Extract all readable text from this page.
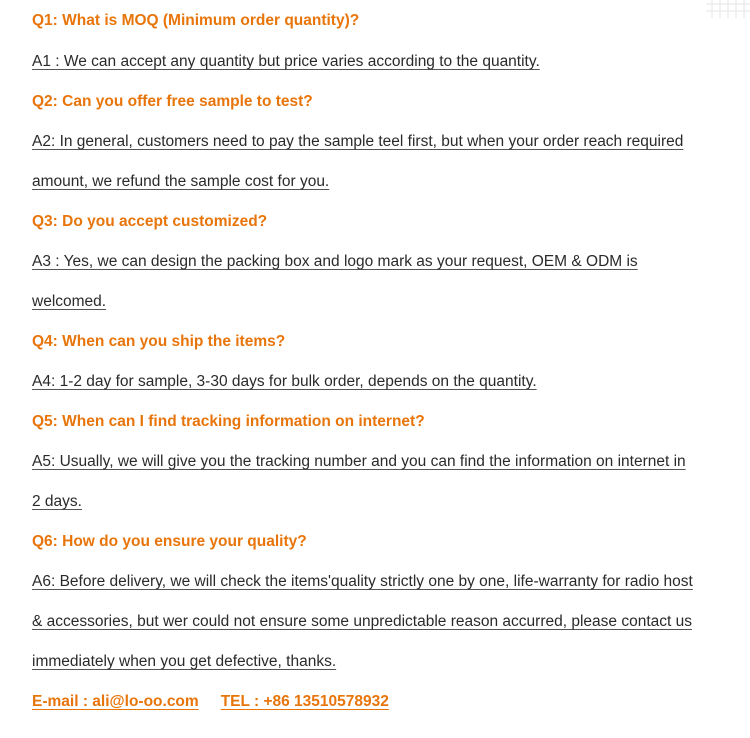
Q1: What is MOQ (Minimum order quantity)?
A1 : We can accept any quantity but price varies according to the quantity.
Q2: Can you offer free sample to test?
A2: In general, customers need to pay the sample teel first, but when your order reach required
amount, we refund the sample cost for you.
Q3: Do you accept customized?
A3 : Yes, we can design the packing box and logo mark as your request, OEM & ODM is
welcomed.
Q4: When can you ship the items?
A4: 1-2 day for sample, 3-30 days for bulk order, depends on the quantity.
Q5: When can I find tracking information on internet?
A5: Usually, we will give you the tracking number and you can find the information on internet in
2 days.
Q6: How do you ensure your quality?
A6: Before delivery, we will check the items'quality strictly one by one, life-warranty for radio host
& accessories, but wer could not ensure some unpredictable reason accurred, please contact us
immediately when you get defective, thanks.
E-mail : ali@lo-oo.com TEL : +86 13510578932
